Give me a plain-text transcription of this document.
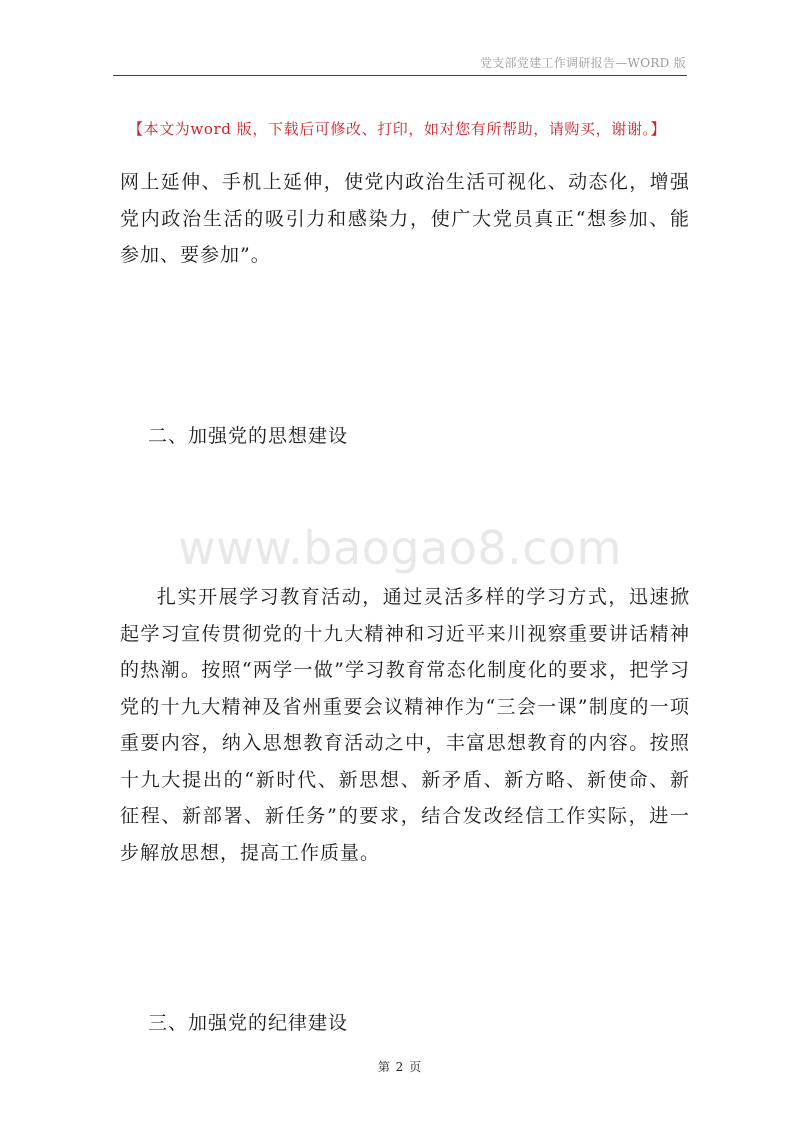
党支部党建工作调研报告—WORD 版
【本文为word 版，下载后可修改、打印，如对您有所帮助，请购买，谢谢。】
网上延伸、手机上延伸，使党内政治生活可视化、动态化，增强党内政治生活的吸引力和感染力，使广大党员真正“想参加、能参加、要参加”。
二、加强党的思想建设
www.baogao8.com
扎实开展学习教育活动，通过灵活多样的学习方式，迅速掀起学习宣传贯彻党的十九大精神和习近平来川视察重要讲话精神的热潮。按照“两学一做”学习教育常态化制度化的要求，把学习党的十九大精神及省州重要会议精神作为“三会一课”制度的一项重要内容，纳入思想教育活动之中，丰富思想教育的内容。按照十九大提出的“新时代、新思想、新矛盾、新方略、新使命、新征程、新部署、新任务”的要求，结合发改经信工作实际，进一步解放思想，提高工作质量。
三、加强党的纪律建设
第 2 页
